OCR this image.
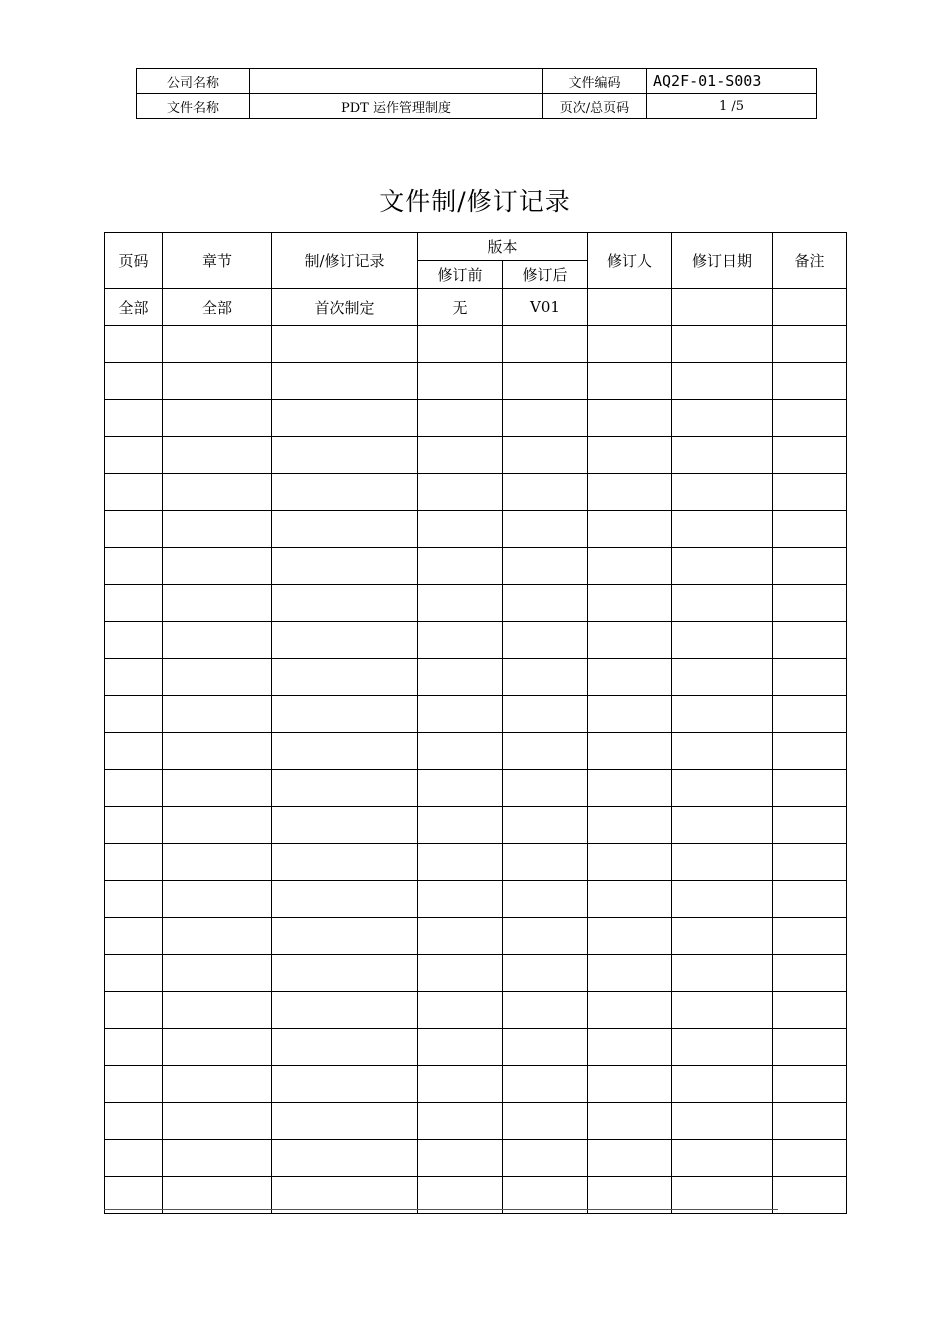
公司名称		文件编码	AQ2F-01-S003
文件名称	PDT 运作管理制度	页次/总页码	1 /5
文件制/修订记录
页码	章节	制/修订记录	版本		修订人	修订日期	备注
			修订前	修订后			
全部	全部	首次制定	无	V01			
